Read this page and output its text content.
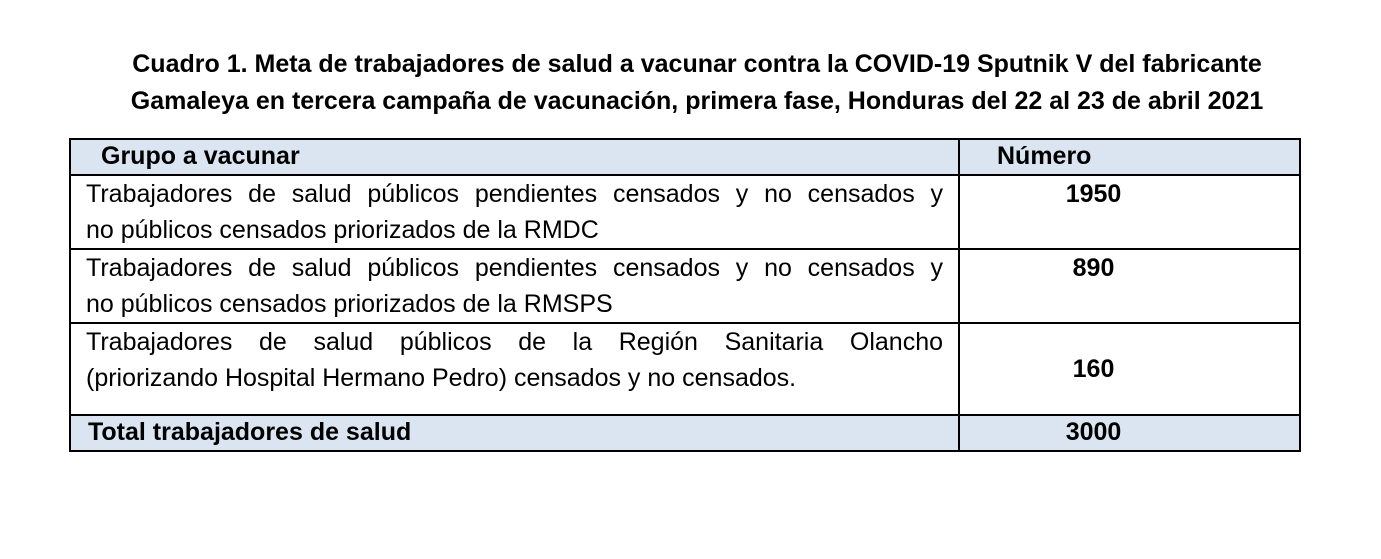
Cuadro 1. Meta de trabajadores de salud a vacunar contra la COVID-19 Sputnik V del fabricante
Gamaleya en tercera campaña de vacunación, primera fase, Honduras del 22 al 23 de abril 2021
Grupo a vacunar	Número

Trabajadores de salud públicos pendientes censados y no censados y
no públicos censados priorizados de la RMDC	1950

Trabajadores de salud públicos pendientes censados y no censados y
no públicos censados priorizados de la RMSPS	890

Trabajadores de salud públicos de la Región Sanitaria Olancho
(priorizando Hospital Hermano Pedro) censados y no censados.	160
Total trabajadores de salud	3000
